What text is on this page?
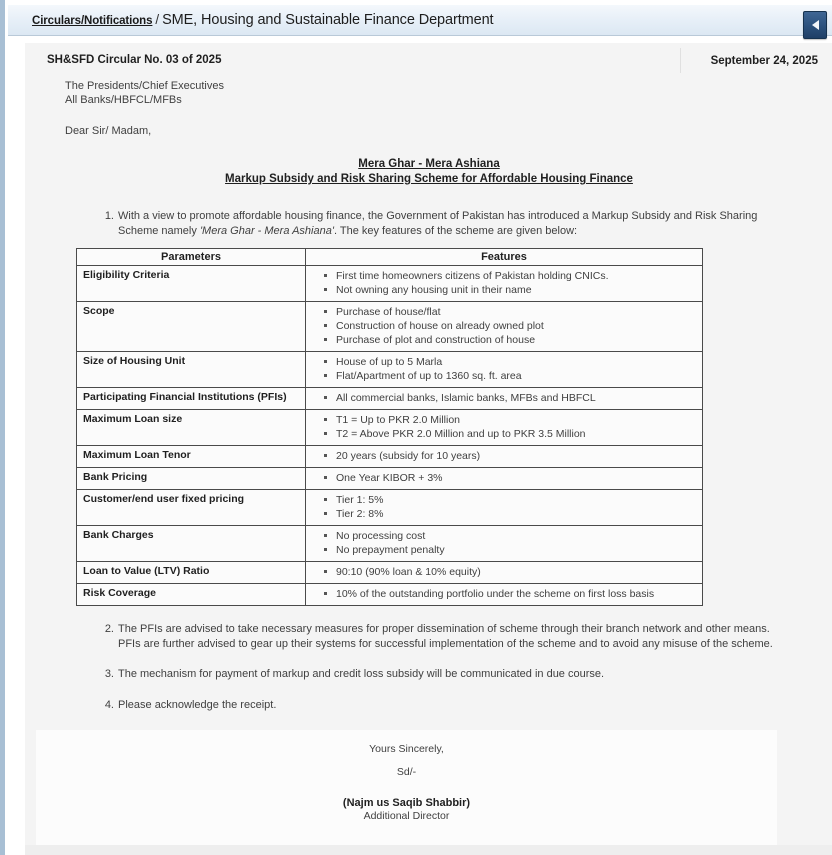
Circulars/Notifications / SME, Housing and Sustainable Finance Department
SH&SFD Circular No. 03 of 2025	September 24, 2025
The Presidents/Chief Executives
All Banks/HBFCL/MFBs
Dear Sir/ Madam,
Mera Ghar - Mera Ashiana
Markup Subsidy and Risk Sharing Scheme for Affordable Housing Finance
1. With a view to promote affordable housing finance, the Government of Pakistan has introduced a Markup Subsidy and Risk Sharing Scheme namely 'Mera Ghar - Mera Ashiana'. The key features of the scheme are given below:
Parameters	Features
Eligibility Criteria	First time homeowners citizens of Pakistan holding CNICs.
Not owning any housing unit in their name

Scope	Purchase of house/flat
Construction of house on already owned plot
Purchase of plot and construction of house

Size of Housing Unit	House of up to 5 Marla
Flat/Apartment of up to 1360 sq. ft. area

Participating Financial Institutions (PFIs)	All commercial banks, Islamic banks, MFBs and HBFCL

Maximum Loan size	T1 = Up to PKR 2.0 Million
T2 = Above PKR 2.0 Million and up to PKR 3.5 Million

Maximum Loan Tenor	20 years (subsidy for 10 years)

Bank Pricing	One Year KIBOR + 3%

Customer/end user fixed pricing	Tier 1: 5%
Tier 2: 8%

Bank Charges	No processing cost
No prepayment penalty

Loan to Value (LTV) Ratio	90:10 (90% loan & 10% equity)

Risk Coverage	10% of the outstanding portfolio under the scheme on first loss basis
2. The PFIs are advised to take necessary measures for proper dissemination of scheme through their branch network and other means. PFIs are further advised to gear up their systems for successful implementation of the scheme and to avoid any misuse of the scheme.
3. The mechanism for payment of markup and credit loss subsidy will be communicated in due course.
4. Please acknowledge the receipt.
Yours Sincerely,
Sd/-
(Najm us Saqib Shabbir)
Additional Director
